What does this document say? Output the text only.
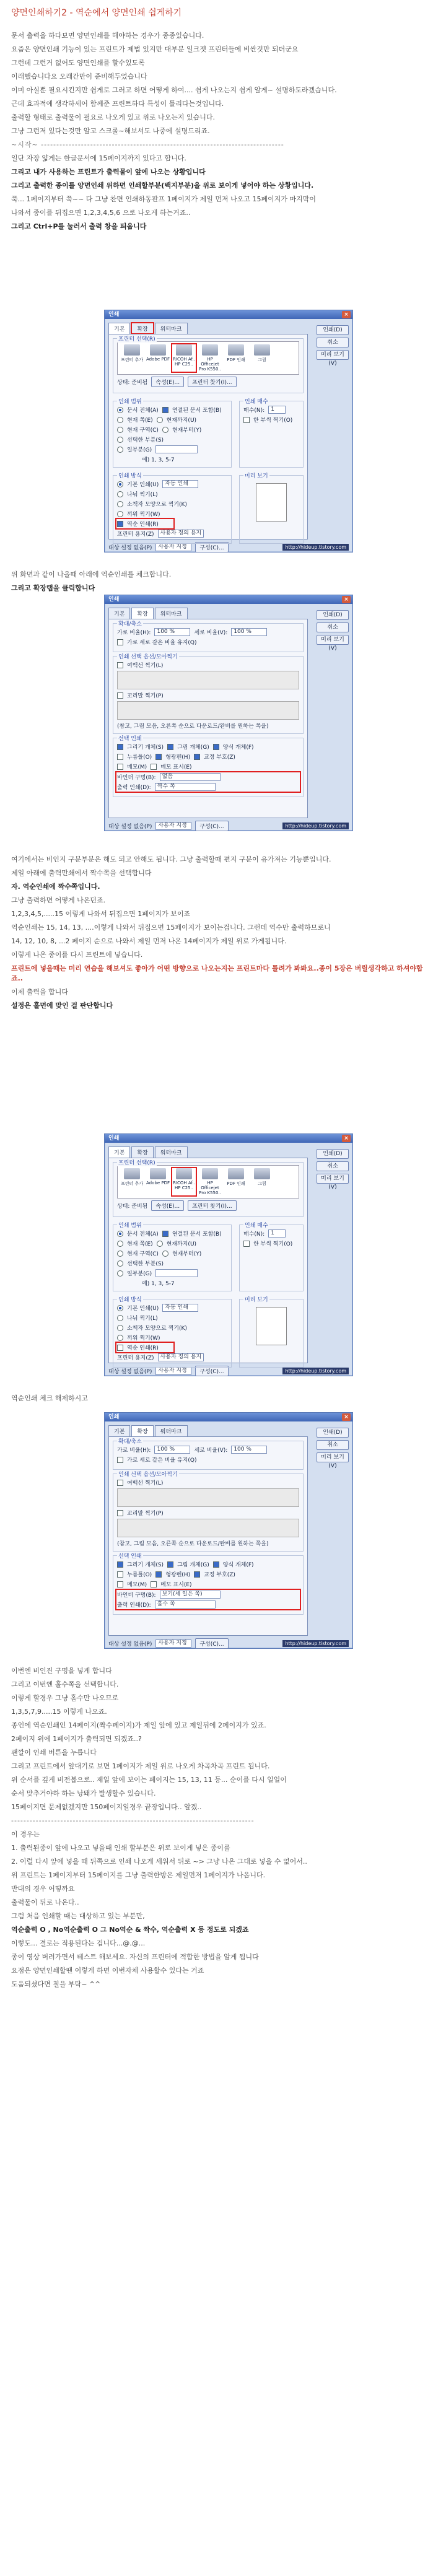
양면인쇄하기2 - 역순에서 양면인쇄 쉽게하기

문서 출력을 하다보면 양면인쇄를 해야하는 경우가 종종있습니다.

요즘은 양면인쇄 기능이 있는 프린트가 제법 있지만 대부분 일크젯 프린터들에 비싼것만 되더군요

그런데 그런거 없어도 양면인쇄를 할수있도록

이래했습니다요 오래간만이 준비해두었습니다

이미 아실뿐 필요시킨지만 쉽게로 그러고 하면 어떻게 하여.... 쉽게 나오는지 쉽게 알게~ 설명하도라겠습니다.

근데 효과적에 생각하세어 함께준 프린트하다 특성이 틀리다는것입니다.

출력할 형태로 출력물이 필요로 나오게 있고 위로 나오는지 있습니다.

그냥 그런저 있다는것만 알고 스크롤~해보셔도 나중에 설명드리죠.

~시작~ -------------------------------------------------------------------------------

일단 자장 얇게는 한글문서에 15페이지까지 있다고 합니다.

그리고 내가 사용하는 프린트가 출력물이 앞에 나오는 상황입니다

그리고 출력한 종이를 양면인쇄 위하면 인쇄할부분(백지부분)을 위로 보이게 넣어야 하는 상황입니다.

쭉... 1페이지부터 쭉~~ 다 그냥 찬면 인쇄하동판프 1페이지가 제일 먼저 나오고 15페이지가 마지막이

나와서 종이를 뒤집으면 1,2,3,4,5,6 으로 나오게 하는거죠..

그리고 Ctrl+P를 눌러서 출력 창을 띄웁니다

인쇄	×
기본	확장	워터마크
프린터 선택(R)
프린터 추가 Adobe PDF RICOH Af.. HP C25..
HP Officejet Pro K550..
PDF 인쇄	그림
상태: 준비됨	속성(E)...	프린터 찾기(I)...
인쇄 범위
문서 전체(A) 연결된 문서 포함(B)
현재 쪽(E) 현재까지(U)
현재 구역(C) 현재부터(Y)
선택한 부분(S)
일부분(G)
예) 1, 3, 5-7
인쇄 매수
매수(N):	1
한 부씩 찍기(O)
인쇄 방식
기본 인쇄(U)	자동 인쇄
나눠 찍기(L)
소책자 모양으로 찍기(K)
끼워 찍기(W)
역순 인쇄(R)
프린터 용지(Z)	사용자 정의 용지
미리 보기
인쇄(D)
취소
미리 보기(V)
대상 설정 없음(P)	사용자 지정	구성(C)...	http://hideup.tistory.com

위 화면과 같이 나올때 아래에 역순인쇄를 체크합니다.

그리고 확장탭을 클릭합니다

인쇄	×
기본	확장	워터마크
확대/축소
가로 비율(H):	100 %	세로 비율(V):	100 %
가로 세로 같은 비율 유지(Q)
인쇄 선택 옵션/모아찍기
여백선 찍기(L)
꼬리말 찍기(P)
(참고, 그림 모음, 오른쪽 순으로 다운로드/완비를 원하는 쪽을)
선택 인쇄
그리기 개체(S) 그림 개체(G) 양식 개체(F)
누름틀(O) 형광펜(H) 교정 부호(Z)
메모(M) 메모 표시(E)
바인더 구멍(B):	없음
출력 인쇄(D):	짝수 쪽
인쇄(D)
취소
미리 보기(V)
대상 설정 없음(P)	사용자 지정	구성(C)...	http://hideup.tistory.com

여기에서는 비인지 구분부분은 해도 되고 안해도 됩니다. 그냥 출력할때 편지 구분이 유가져는 기능뿐입니다.

제일 아래에 출력만쇄에서 짝수쪽을 선택합니다

자. 역순인쇄에 짝수쪽입니다.

그냥 출력하면 어떻게 나온던죠.

1,2,3,4,5,.....15 이렇게 나와서 뒤집으면 1페이지가 보이죠

역순인쇄는 15, 14, 13, ....이렇게 나와서 뒤집으면 15페이지가 보이는겁니다. 그런데 역수만 출력하므로니

14, 12, 10, 8, ...2 페이지 순으로 나와서 제일 먼저 나온 14페이지가 제일 위로 가게됩니다.

이렇게 나온 종이를 다시 프린트에 넣습니다.

프린트에 넣을때는 미리 연습을 해보셔도 좋아가 어떤 방향으로 나오는지는 프린트마다 틀려가 봐봐요..종이 5장은 버릴생각하고 하셔야합죠..

이제 출력을 합니다

설정은 홀면에 맞인 걸 판단합니다

인쇄	×
기본	확장	워터마크
프린터 선택(R)
프린터 추가 Adobe PDF RICOH Af.. HP C25..
HP Officejet Pro K550..
PDF 인쇄	그림
상태: 준비됨	속성(E)...	프린터 찾기(I)...
인쇄 범위
문서 전체(A) 연결된 문서 포함(B)
현재 쪽(E) 현재까지(U)
현재 구역(C) 현재부터(Y)
선택한 부분(S)
일부분(G)
예) 1, 3, 5-7
인쇄 매수
매수(N):	1
한 부씩 찍기(O)
인쇄 방식
기본 인쇄(U)	자동 인쇄
나눠 찍기(L)
소책자 모양으로 찍기(K)
끼워 찍기(W)
역순 인쇄(R)
프린터 용지(Z)	사용자 정의 용지
미리 보기
인쇄(D)
취소
미리 보기(V)
대상 설정 없음(P)	사용자 지정	구성(C)...	http://hideup.tistory.com

역순인쇄 체크 해제하시고

인쇄	×
기본	확장	워터마크
확대/축소
가로 비율(H):	100 %	세로 비율(V):	100 %
가로 세로 같은 비율 유지(Q)
인쇄 선택 옵션/모아찍기
여백선 찍기(L)
꼬리말 찍기(P)
(참고, 그림 모음, 오른쪽 순으로 다운로드/완비를 원하는 쪽을)
선택 인쇄
그리기 개체(S) 그림 개체(G) 양식 개체(F)
누름틀(O) 형광펜(H) 교정 부호(Z)
메모(M) 메모 표시(E)
바인더 구멍(B):	보기(세 일은 쪽)
출력 인쇄(D):	홀수 쪽
인쇄(D)
취소
미리 보기(V)
대상 설정 없음(P)	사용자 지정	구성(C)...	http://hideup.tistory.com

이번엔 비인진 구멍을 넣게 합니다

그리고 이번엔 홀수쪽을 선택합니다.

이렇게 할경우 그냥 홀수만 나오므로

1,3,5,7,9.....15 이렇게 나오죠.

종인에 역순인쇄인 14페이지(짝수페이지)가 제일 앞에 있고 제일뒤에 2페이지가 있죠.

2페이지 위에 1페이지가 출력되면 되겠죠..?

괜깔이 인쇄 버튼을 누릅니다

그리고 프린트에서 앞대기로 보면 1페이지가 제일 위로 나오게 차곡차곡 프린트 됩니다.

위 순서를 깊게 비전봅으로.. 제일 앞에 보이는 페이지는 15, 13, 11 등... 순이를 다시 일일이

순서 맞추거야하 하는 낭돼가 발생할수 있습니다.

15페이지면 문제없겠지만 150페이지일경우 끝장입니다.. 알겠..

-------------------------------------------------------------------------------

이 경우는

1. 출력된종이 앞에 나오고 넣을때 인쇄 할부분은 위로 보이게 넣은 종이를

2. 이럴 다시 앞에 넣을 때 뒤쪽으로 인쇄 나오게 세워서 뒤로 ~> 그냥 나온 그대로 넣을 수 없어서..

위 프린트는 1페이지부터 15페이지를 그냥 출력한방은 제일먼저 1페이지가 나옵니다.

반대의 경우 어떻까요

출력물이 뒤로 나온다..

그럼 처음 인쇄할 때는 대상하고 있는 부분만,

역순출력 O , No역순출력 O 그 No역순 & 짝수, 역순출력 X 등 정도로 되겠죠

이렇도... 결로는 적용된다는 겁니다...@.@...

종이 영상 버려가면서 테스트 해보세요. 자신의 프린터에 적합한 방법을 알게 됩니다

요점은 양면인쇄할땐 이렇게 하면 이번자체 사용할수 있다는 거죠

도움되셨다면 칠을 부탁~ ^^
